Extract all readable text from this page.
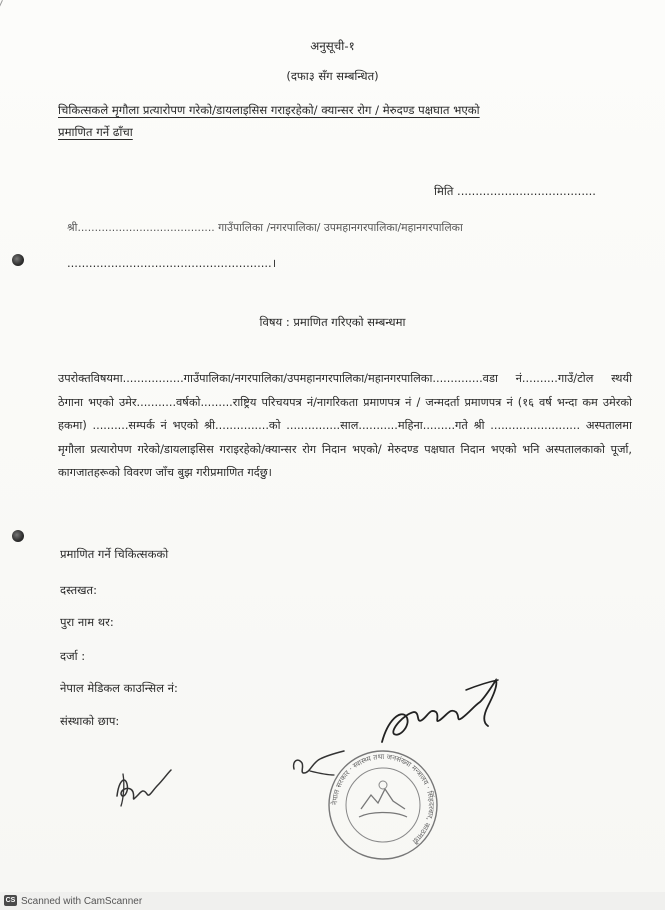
अनुसूची-१
(दफा३ सँग सम्बन्धित)
चिकित्सकले मृगौला प्रत्यारोपण गरेको/डायलाइसिस गराइरहेको/ क्यान्सर रोग / मेरुदण्ड पक्षघात भएको
प्रमाणित गर्ने ढाँचा
मिति ......................................
श्री........................................ गाउँपालिका /नगरपालिका/ उपमहानगरपालिका/महानगरपालिका
........................................................।
विषय : प्रमाणित गरिएको सम्बन्धमा
उपरोक्तविषयमा.................गाउँपालिका/नगरपालिका/उपमहानगरपालिका/महानगरपालिका..............वडा नं..........गाउँ/टोल स्थयी ठेगाना भएको उमेर...........वर्षको.........राष्ट्रिय परिचयपत्र नं/नागरिकता प्रमाणपत्र नं / जन्मदर्ता प्रमाणपत्र नं (१६ वर्ष भन्दा कम उमेरको हकमा) ..........सम्पर्क नं भएको श्री...............को ...............साल...........महिना.........गते श्री ......................... अस्पतालमा मृगौला प्रत्यारोपण गरेको/डायलाइसिस गराइरहेको/क्यान्सर रोग निदान भएको/ मेरुदण्ड पक्षघात निदान भएको भनि अस्पतालकाको पूर्जा, कागजातहरूको विवरण जाँच बुझ गरीप्रमाणित गर्दछु।
प्रमाणित गर्ने चिकित्सकको
दस्तखत:
पुरा नाम थर:
दर्जा :
नेपाल मेडिकल काउन्सिल नं:
संस्थाको छाप:
नेपाल सरकार · स्वास्थ्य तथा जनसंख्या मन्त्रालय · सिंहदरबार, काठमाडौं
CS Scanned with CamScanner
